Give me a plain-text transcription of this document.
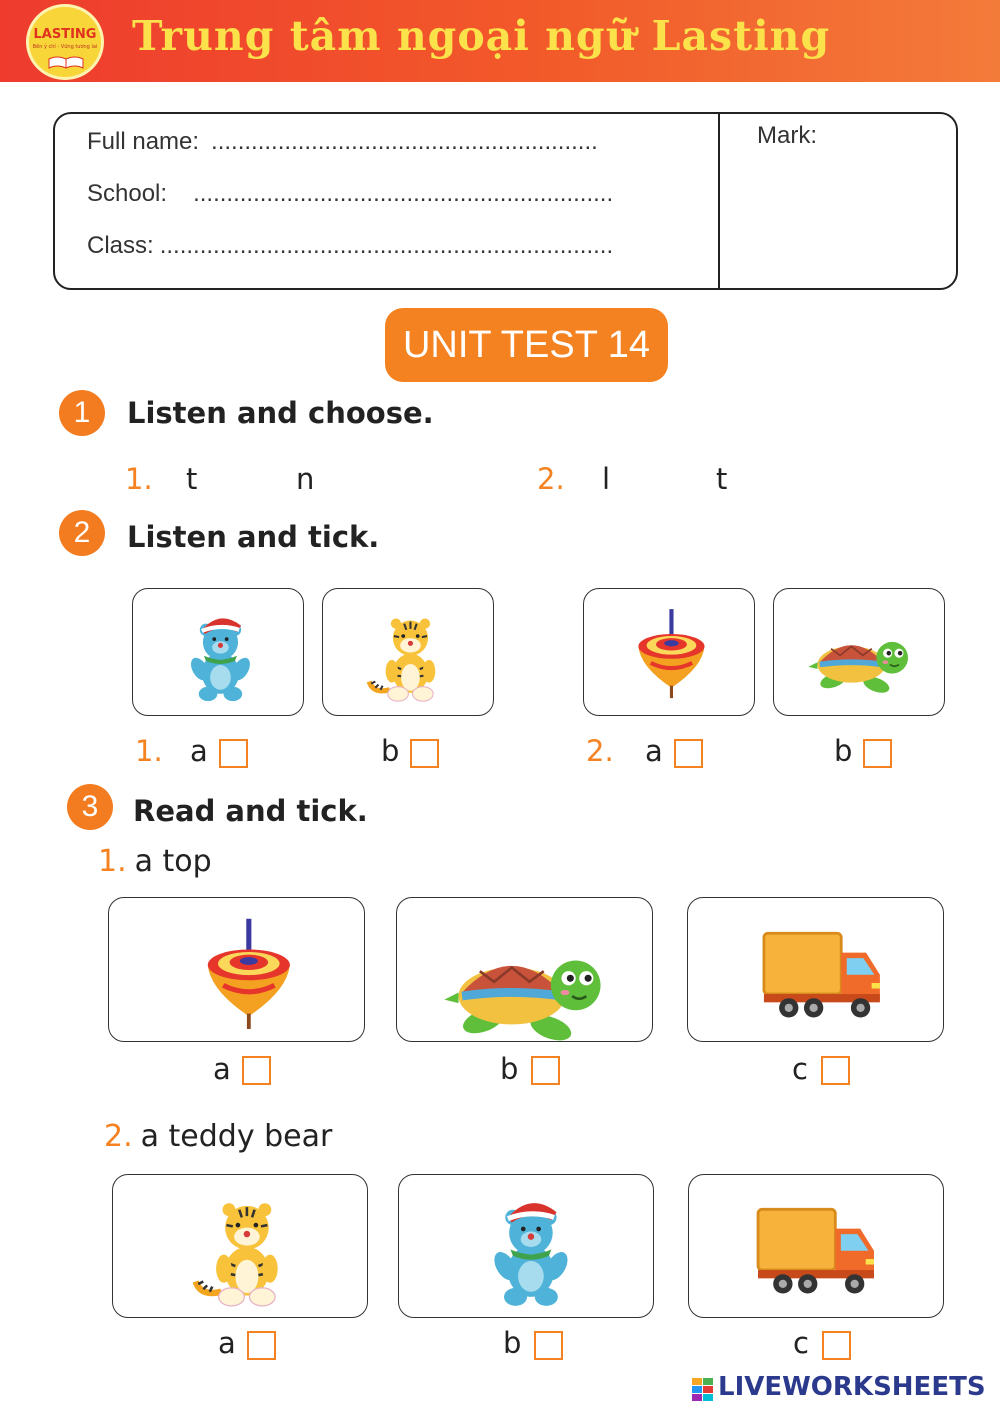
LASTING
Bền ý chí - Vững tương lai Trung tâm ngoại ngữ Lasting
Full name: ..........................................................
School: ...............................................................
Class: ....................................................................
Mark:
UNIT TEST 14
1	Listen and choose.
1. t	n	2. l	t
2	Listen and tick.
1. a	b	2. a	b
3	Read and tick.
1. a top
a	b	c
2. a teddy bear
a	b	c
LIVEWORKSHEETS
